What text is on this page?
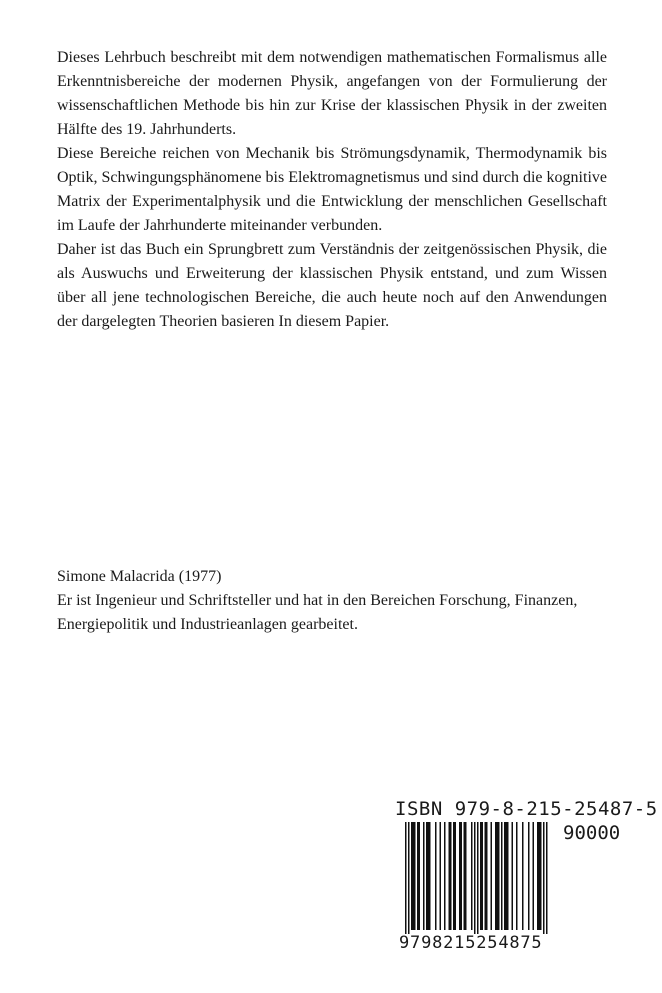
Dieses Lehrbuch beschreibt mit dem notwendigen mathematischen Formalismus alle Erkenntnisbereiche der modernen Physik, angefangen von der Formulierung der wissenschaftlichen Methode bis hin zur Krise der klassischen Physik in der zweiten Hälfte des 19. Jahrhunderts.

Diese Bereiche reichen von Mechanik bis Strömungsdynamik, Thermodynamik bis Optik, Schwingungsphänomene bis Elektromagnetismus und sind durch die kognitive Matrix der Experimentalphysik und die Entwicklung der menschlichen Gesellschaft im Laufe der Jahrhunderte miteinander verbunden.

Daher ist das Buch ein Sprungbrett zum Verständnis der zeitgenössischen Physik, die als Auswuchs und Erweiterung der klassischen Physik entstand, und zum Wissen über all jene technologischen Bereiche, die auch heute noch auf den Anwendungen der dargelegten Theorien basieren In diesem Papier.

Simone Malacrida (1977)

Er ist Ingenieur und Schriftsteller und hat in den Bereichen Forschung, Finanzen, Energiepolitik und Industrieanlagen gearbeitet.

ISBN 979-8-215-25487-5
90000
9798215254875
